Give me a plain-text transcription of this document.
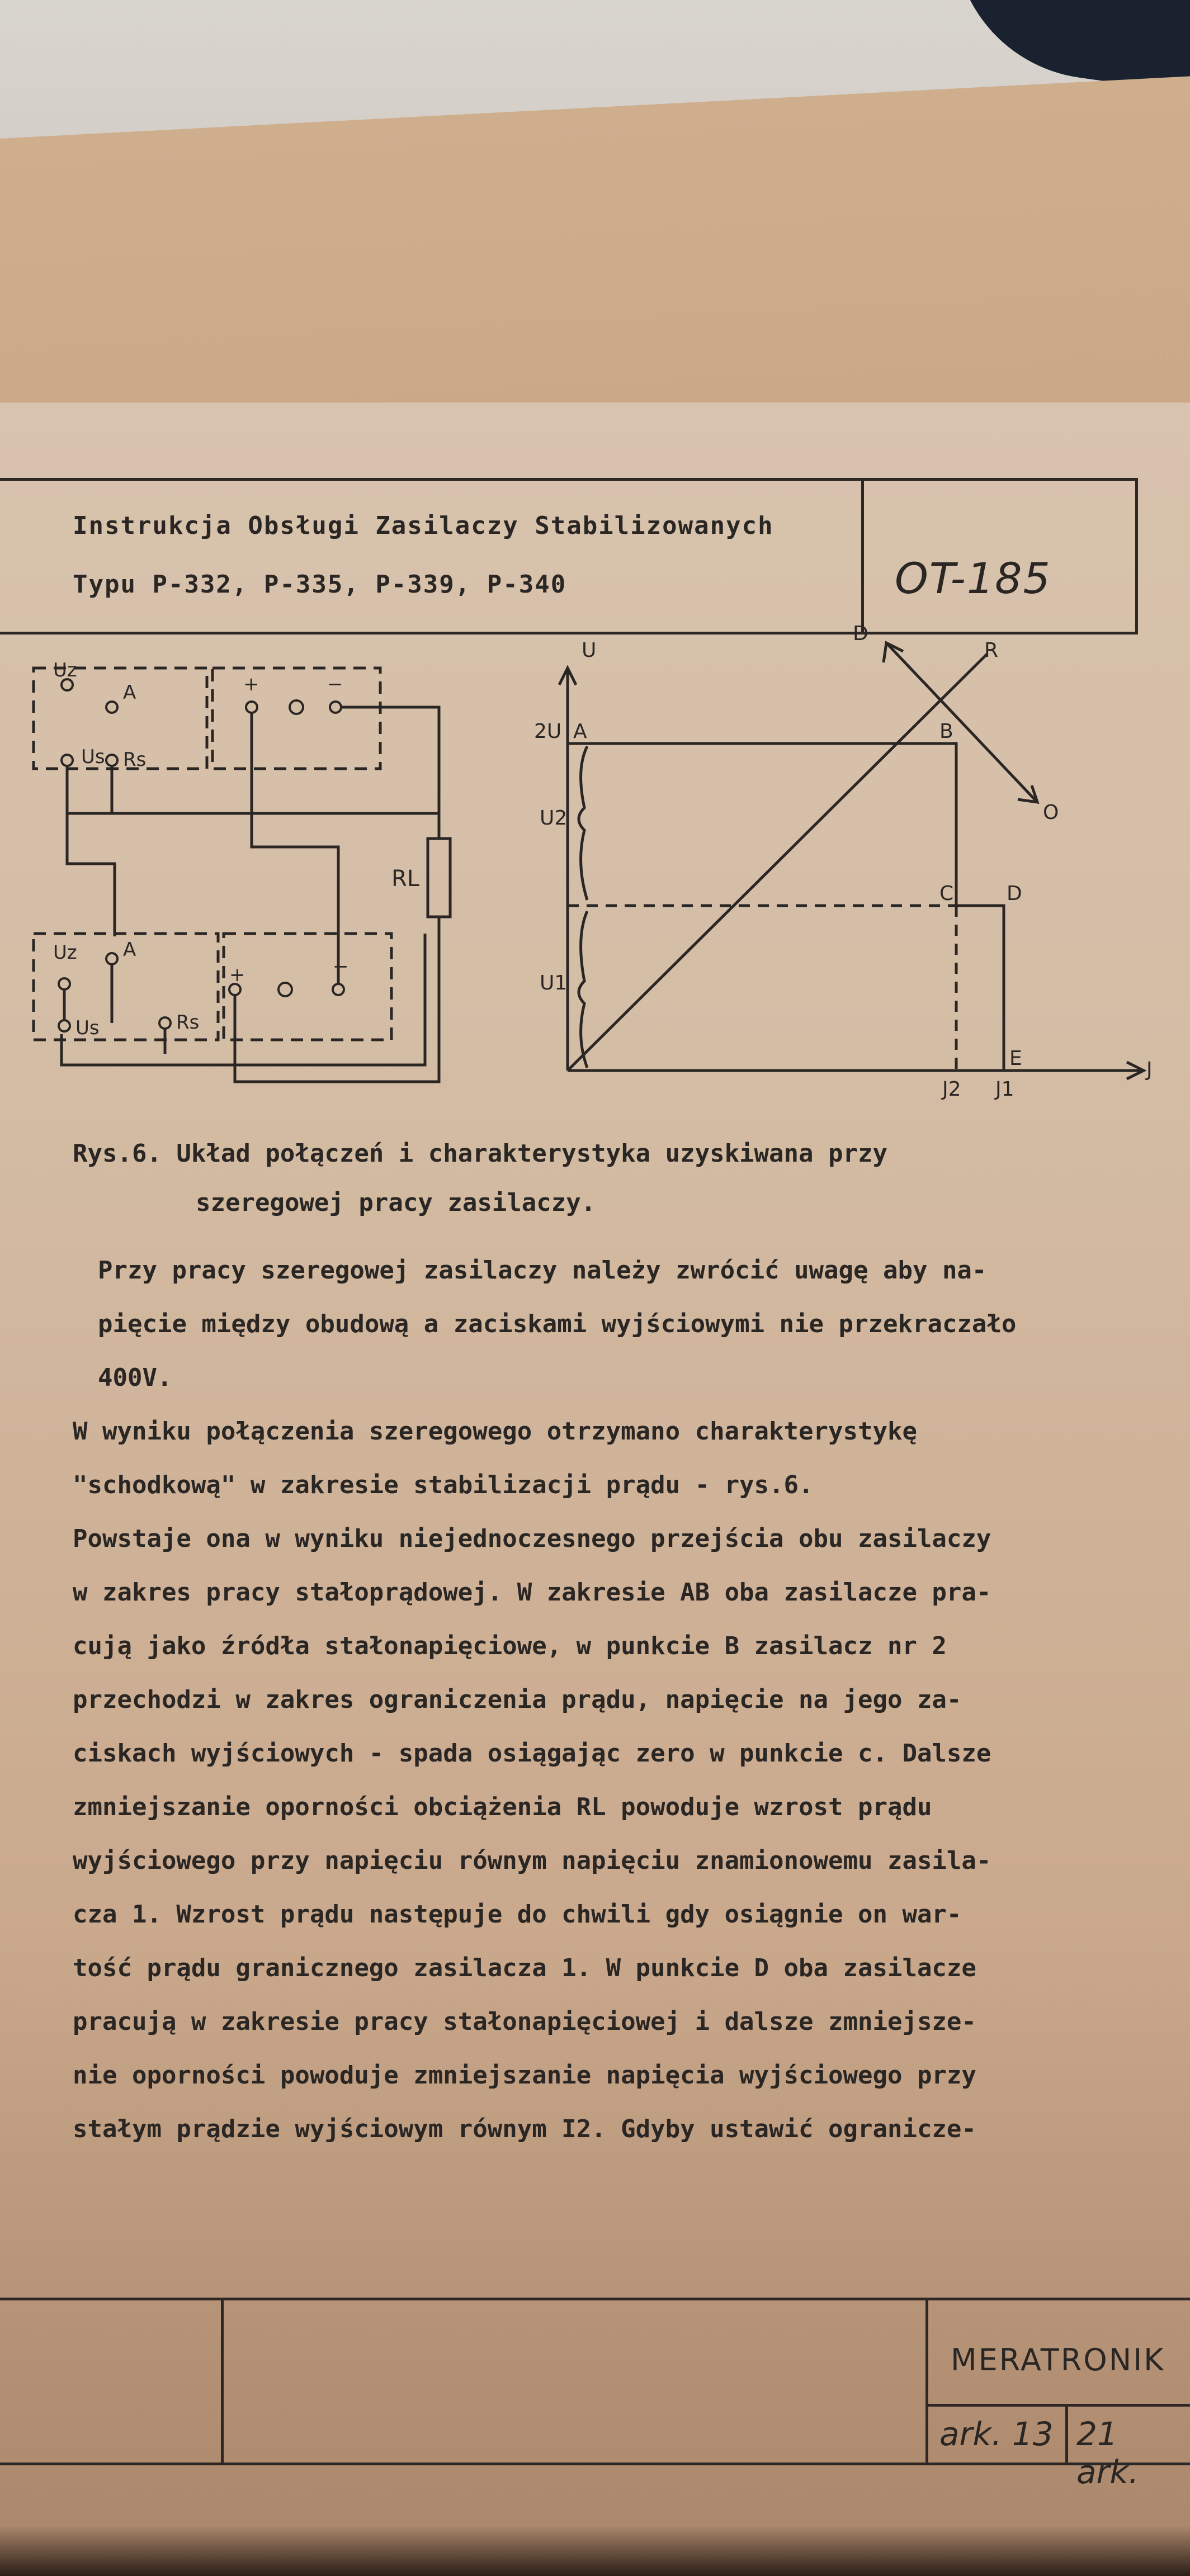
Instrukcja Obsługi Zasilaczy Stabilizowanych
Typu P-332, P-335, P-339, P-340	OT-185
Uz
A
Us Rs
+	−
RL
Uz A
Us	Rs
+	−
U
J
A	B
C	D
E
D
O
R
2U
U2
U1
J2 J1
Rys.6. Układ połączeń i charakterystyka uzyskiwana przy
szeregowej pracy zasilaczy.
Przy pracy szeregowej zasilaczy należy zwrócić uwagę aby na-
pięcie między obudową a zaciskami wyjściowymi nie przekraczało
400V.
W wyniku połączenia szeregowego otrzymano charakterystykę
"schodkową" w zakresie stabilizacji prądu - rys.6.
Powstaje ona w wyniku niejednoczesnego przejścia obu zasilaczy
w zakres pracy stałoprądowej. W zakresie AB oba zasilacze pra-
cują jako źródła stałonapięciowe, w punkcie B zasilacz nr 2
przechodzi w zakres ograniczenia prądu, napięcie na jego za-
ciskach wyjściowych - spada osiągając zero w punkcie c. Dalsze
zmniejszanie oporności obciążenia RL powoduje wzrost prądu
wyjściowego przy napięciu równym napięciu znamionowemu zasila-
cza 1. Wzrost prądu następuje do chwili gdy osiągnie on war-
tość prądu granicznego zasilacza 1. W punkcie D oba zasilacze
pracują w zakresie pracy stałonapięciowej i dalsze zmniejsze-
nie oporności powoduje zmniejszanie napięcia wyjściowego przy
stałym prądzie wyjściowym równym I2. Gdyby ustawić ogranicze-
MERATRONIK
ark. 13 21 ark.
